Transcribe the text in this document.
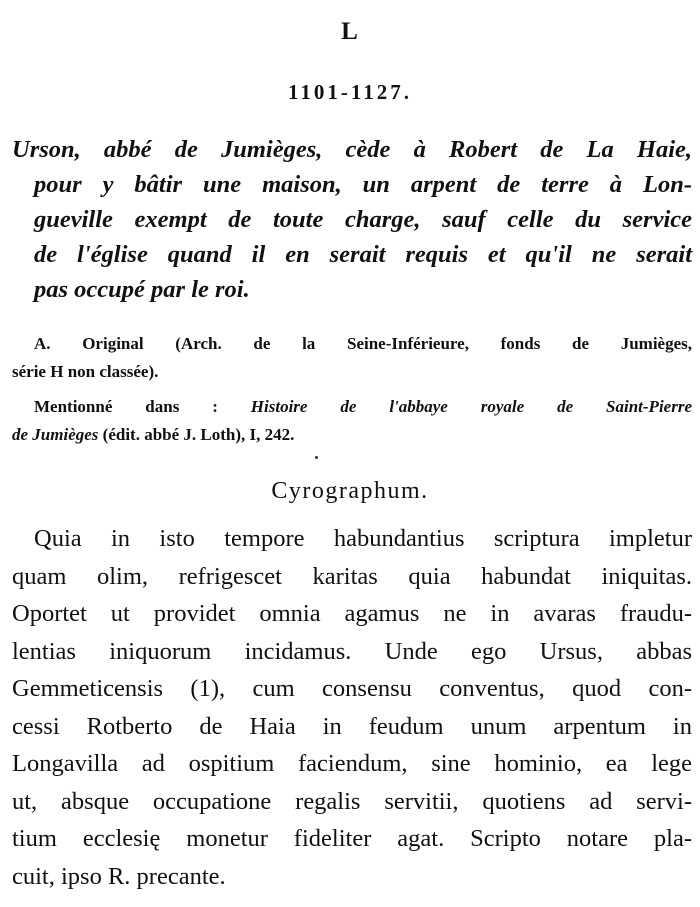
L
1101-1127.

Urson, abbé de Jumièges, cède à Robert de La Haie,
pour y bâtir une maison, un arpent de terre à Lon-
gueville exempt de toute charge, sauf celle du service
de l'église quand il en serait requis et qu'il ne serait
pas occupé par le roi.

A. Original (Arch. de la Seine-Inférieure, fonds de Jumièges,
série H non classée).

Mentionné dans : Histoire de l'abbaye royale de Saint-Pierre
de Jumièges (édit. abbé J. Loth), I, 242.

Cyrographum.

Quia in isto tempore habundantius scriptura impletur
quam olim, refrigescet karitas quia habundat iniquitas.
Oportet ut providet omnia agamus ne in avaras fraudu-
lentias iniquorum incidamus. Unde ego Ursus, abbas
Gemmeticensis (1), cum consensu conventus, quod con-
cessi Rotberto de Haia in feudum unum arpentum in
Longavilla ad ospitium faciendum, sine hominio, ea lege
ut, absque occupatione regalis servitii, quotiens ad servi-
tium ecclesię monetur fideliter agat. Scripto notare pla-
cuit, ipso R. precante.
